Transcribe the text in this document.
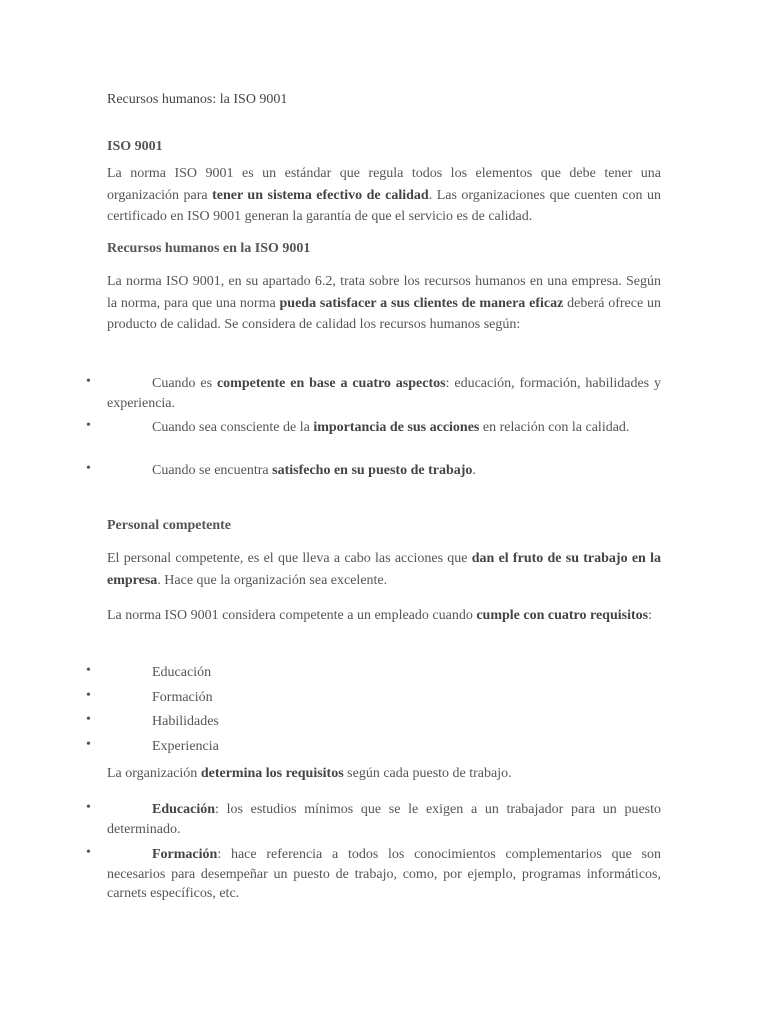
Recursos humanos: la ISO 9001
ISO 9001
La norma ISO 9001 es un estándar que regula todos los elementos que debe tener una organización para tener un sistema efectivo de calidad. Las organizaciones que cuenten con un certificado en ISO 9001 generan la garantía de que el servicio es de calidad.
Recursos humanos en la ISO 9001
La norma ISO 9001, en su apartado 6.2, trata sobre los recursos humanos en una empresa. Según la norma, para que una norma pueda satisfacer a sus clientes de manera eficaz deberá ofrece un producto de calidad. Se considera de calidad los recursos humanos según:
•	Cuando es competente en base a cuatro aspectos: educación, formación, habilidades y experiencia.
•	Cuando sea consciente de la importancia de sus acciones en relación con la calidad.
•	Cuando se encuentra satisfecho en su puesto de trabajo.
Personal competente
El personal competente, es el que lleva a cabo las acciones que dan el fruto de su trabajo en la empresa. Hace que la organización sea excelente.
La norma ISO 9001 considera competente a un empleado cuando cumple con cuatro requisitos:
•	Educación
•	Formación
•	Habilidades
•	Experiencia
La organización determina los requisitos según cada puesto de trabajo.
•	Educación: los estudios mínimos que se le exigen a un trabajador para un puesto determinado.
•	Formación: hace referencia a todos los conocimientos complementarios que son necesarios para desempeñar un puesto de trabajo, como, por ejemplo, programas informáticos, carnets específicos, etc.
